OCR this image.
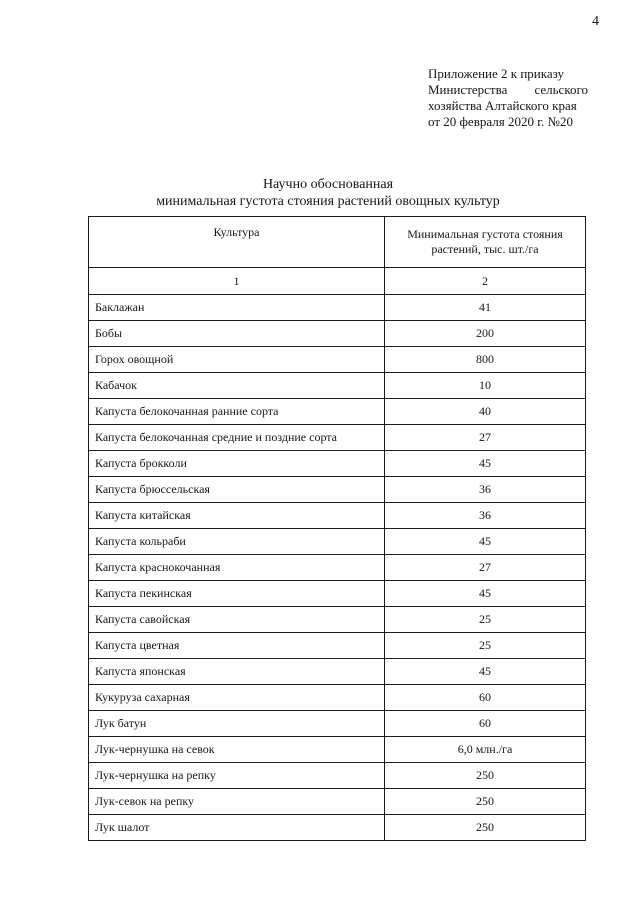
4
Приложение 2 к приказу
Министерства сельского
хозяйства Алтайского края
от 20 февраля 2020 г. №20
Научно обоснованная
минимальная густота стояния растений овощных культур
Культура	Минимальная густота стояния растений, тыс. шт./га
1	2
Баклажан	41
Бобы	200
Горох овощной	800
Кабачок	10
Капуста белокочанная ранние сорта	40
Капуста белокочанная средние и поздние сорта	27
Капуста брокколи	45
Капуста брюссельская	36
Капуста китайская	36
Капуста кольраби	45
Капуста краснокочанная	27
Капуста пекинская	45
Капуста савойская	25
Капуста цветная	25
Капуста японская	45
Кукуруза сахарная	60
Лук батун	60
Лук-чернушка на севок	6,0 млн./га
Лук-чернушка на репку	250
Лук-севок на репку	250
Лук шалот	250
